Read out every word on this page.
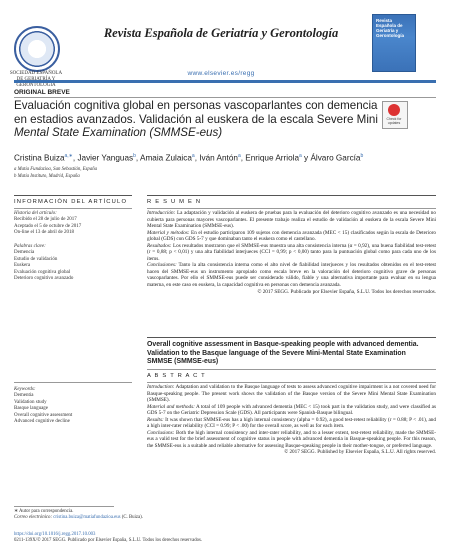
SOCIEDAD ESPAÑOLA GERONTOLOGÍA
Revista Española de Geriatría y Gerontología
www.elsevier.es/regg
Revista Española de Geriatría y Gerontología
ORIGINAL BREVE
Evaluación cognitiva global en personas vascoparlantes con demencia
en estadios avanzados. Validación al euskera de la escala Severe Mini
Mental State Examination (SMMSE-eus)
Check for updates
Cristina Buiza$^{a,∗}$, Javier Yanguas$^b$, Amaia Zulaica$^a$, Iván Antón$^a$, Enrique Arriola$^a$ y Álvaro García$^b$
a Matia Fundazioa, San Sebastián, España
b Matia Instituto, Madrid, España
INFORMACIÓN DEL ARTÍCULO
Historia del artículo:
Recibido el 28 de julio de 2017
Aceptado el 5 de octubre de 2017
On-line el 13 de abril de 2018
Palabras clave:
Demencia
Estudio de validación
Euskera
Evaluación cognitiva global
Deterioro cognitivo avanzado
Keywords:
Dementia
Validation study
Basque language
Overall cognitive assessment
Advanced cognitive decline
R E S U M E N
Introducción: La adaptación y validación al euskera de pruebas para la evaluación del deterioro cognitivo avanzado es una necesidad no cubierta para personas mayores vascoparlantes. El presente trabajo realiza el estudio de validación al euskera de la escala Severe Mini Mental State Examination (SMMSE-eus).
Material y métodos: En el estudio participaron 109 sujetos con demencia avanzada (MEC < 15) clasificados según la escala de Deterioro global (GDS) con GDS 5-7 y que dominaban tanto el euskera como el castellano.
Resultados: Los resultados mostraron que el SMMSE-eus muestra una alta consistencia interna (α = 0,92), una buena fiabilidad test-retest (r = 0,88; p < 0,01) y una alta fiabilidad interjueces (CCI = 0,99; p < 0,00) tanto para la puntuación global como para cada uno de los ítems.
Conclusiones: Tanto la alta consistencia interna como el alto nivel de fiabilidad interjueces y los resultados obtenidos en el test-retest hacen del SMMSE-eus un instrumento apropiado como escala breve en la valoración del deterioro cognitivo grave de personas vascoparlantes. Por ello el SMMSE-eus puede ser considerado válido, fiable y una alternativa importante para evaluar en su lengua materna, en este caso en euskera, la capacidad cognitiva en personas con demencia avanzada.
© 2017 SEGG. Publicado por Elsevier España, S.L.U. Todos los derechos reservados.
Overall cognitive assessment in Basque-speaking people with advanced dementia. Validation to the Basque language of the Severe Mini-Mental State Examination SMMSE (SMMSE-eus)
A B S T R A C T
Introduction: Adaptation and validation to the Basque language of tests to assess advanced cognitive impairment is a not covered need for Basque-speaking people. The present work shows the validation of the Basque version of the Severe Mini Mental State Examination (SMMSE).
Material and methods: A total of 109 people with advanced dementia (MEC < 15) took part in the validation study, and were classified as GDS 5-7 on the Geriatric Depression Scale (GDS). All participants were Spanish-Basque bilingual.
Results: It was shown that SMMSE-eus has a high internal consistency (alpha = 0.92), a good test-retest reliability (r = 0.88; P < .01), and a high inter-rater reliability (CCI = 0.99; P < .00) for the overall score, as well as for each item.
Conclusions: Both the high internal consistency and inter-rater reliability, and to a lesser extent, test-retest reliability, made the SMMSE-eus a valid test for the brief assessment of cognitive status in people with advanced dementia in Basque-speaking people. For this reason, the SMMSE-eus is a suitable and reliable alternative for assessing Basque-speaking people in their mother-tongue, or preferred language.
© 2017 SEGG. Published by Elsevier España, S.L.U. All rights reserved.
∗ Autor para correspondencia.
Correo electrónico: cristina.buiza@matiafundazioa.eus (C. Buiza).
https://doi.org/10.1016/j.regg.2017.10.003
0211-139X/© 2017 SEGG. Publicado por Elsevier España, S.L.U. Todos los derechos reservados.
